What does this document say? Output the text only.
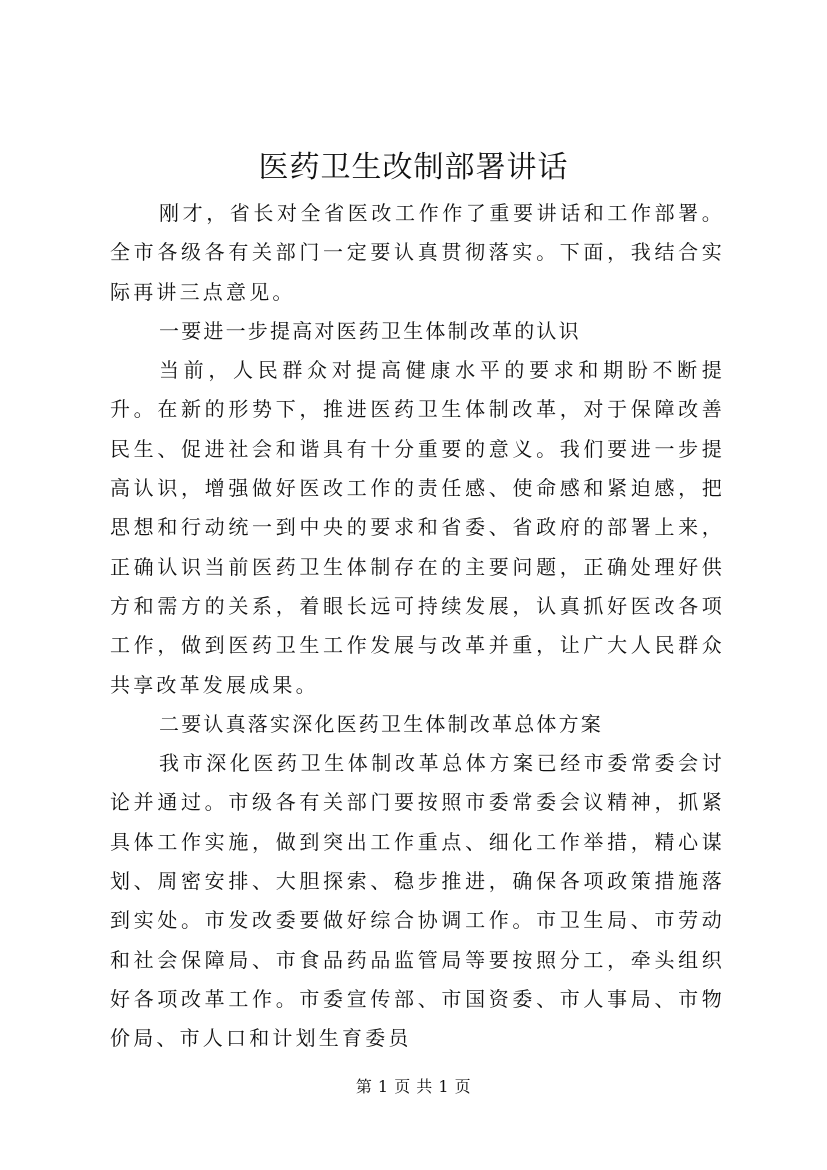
医药卫生改制部署讲话

刚才，省长对全省医改工作作了重要讲话和工作部署。全市各级各有关部门一定要认真贯彻落实。下面，我结合实际再讲三点意见。

一要进一步提高对医药卫生体制改革的认识

当前，人民群众对提高健康水平的要求和期盼不断提升。在新的形势下，推进医药卫生体制改革，对于保障改善民生、促进社会和谐具有十分重要的意义。我们要进一步提高认识，增强做好医改工作的责任感、使命感和紧迫感，把思想和行动统一到中央的要求和省委、省政府的部署上来，正确认识当前医药卫生体制存在的主要问题，正确处理好供方和需方的关系，着眼长远可持续发展，认真抓好医改各项工作，做到医药卫生工作发展与改革并重，让广大人民群众共享改革发展成果。

二要认真落实深化医药卫生体制改革总体方案

我市深化医药卫生体制改革总体方案已经市委常委会讨论并通过。市级各有关部门要按照市委常委会议精神，抓紧具体工作实施，做到突出工作重点、细化工作举措，精心谋划、周密安排、大胆探索、稳步推进，确保各项政策措施落到实处。市发改委要做好综合协调工作。市卫生局、市劳动和社会保障局、市食品药品监管局等要按照分工，牵头组织好各项改革工作。市委宣传部、市国资委、市人事局、市物价局、市人口和计划生育委员

第 1 页 共 1 页
